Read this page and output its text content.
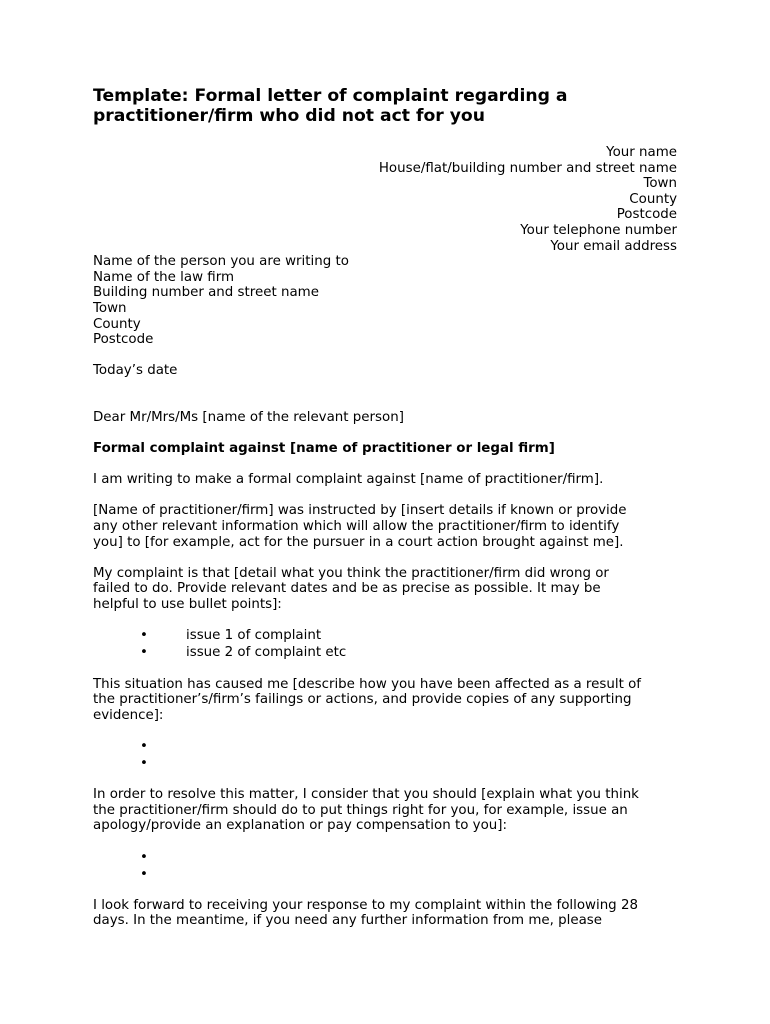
Template: Formal letter of complaint regarding a
practitioner/firm who did not act for you
Your name
House/flat/building number and street name
Town
County
Postcode
Your telephone number
Your email address
Name of the person you are writing to
Name of the law firm
Building number and street name
Town
County
Postcode
Today’s date
Dear Mr/Mrs/Ms [name of the relevant person]
Formal complaint against [name of practitioner or legal firm]
I am writing to make a formal complaint against [name of practitioner/firm].
[Name of practitioner/firm] was instructed by [insert details if known or provide
any other relevant information which will allow the practitioner/firm to identify
you] to [for example, act for the pursuer in a court action brought against me].
My complaint is that [detail what you think the practitioner/firm did wrong or
failed to do. Provide relevant dates and be as precise as possible. It may be
helpful to use bullet points]:
•	issue 1 of complaint
•	issue 2 of complaint etc
This situation has caused me [describe how you have been affected as a result of
the practitioner’s/firm’s failings or actions, and provide copies of any supporting
evidence]:
•
•
In order to resolve this matter, I consider that you should [explain what you think
the practitioner/firm should do to put things right for you, for example, issue an
apology/provide an explanation or pay compensation to you]:
•
•
I look forward to receiving your response to my complaint within the following 28
days. In the meantime, if you need any further information from me, please
